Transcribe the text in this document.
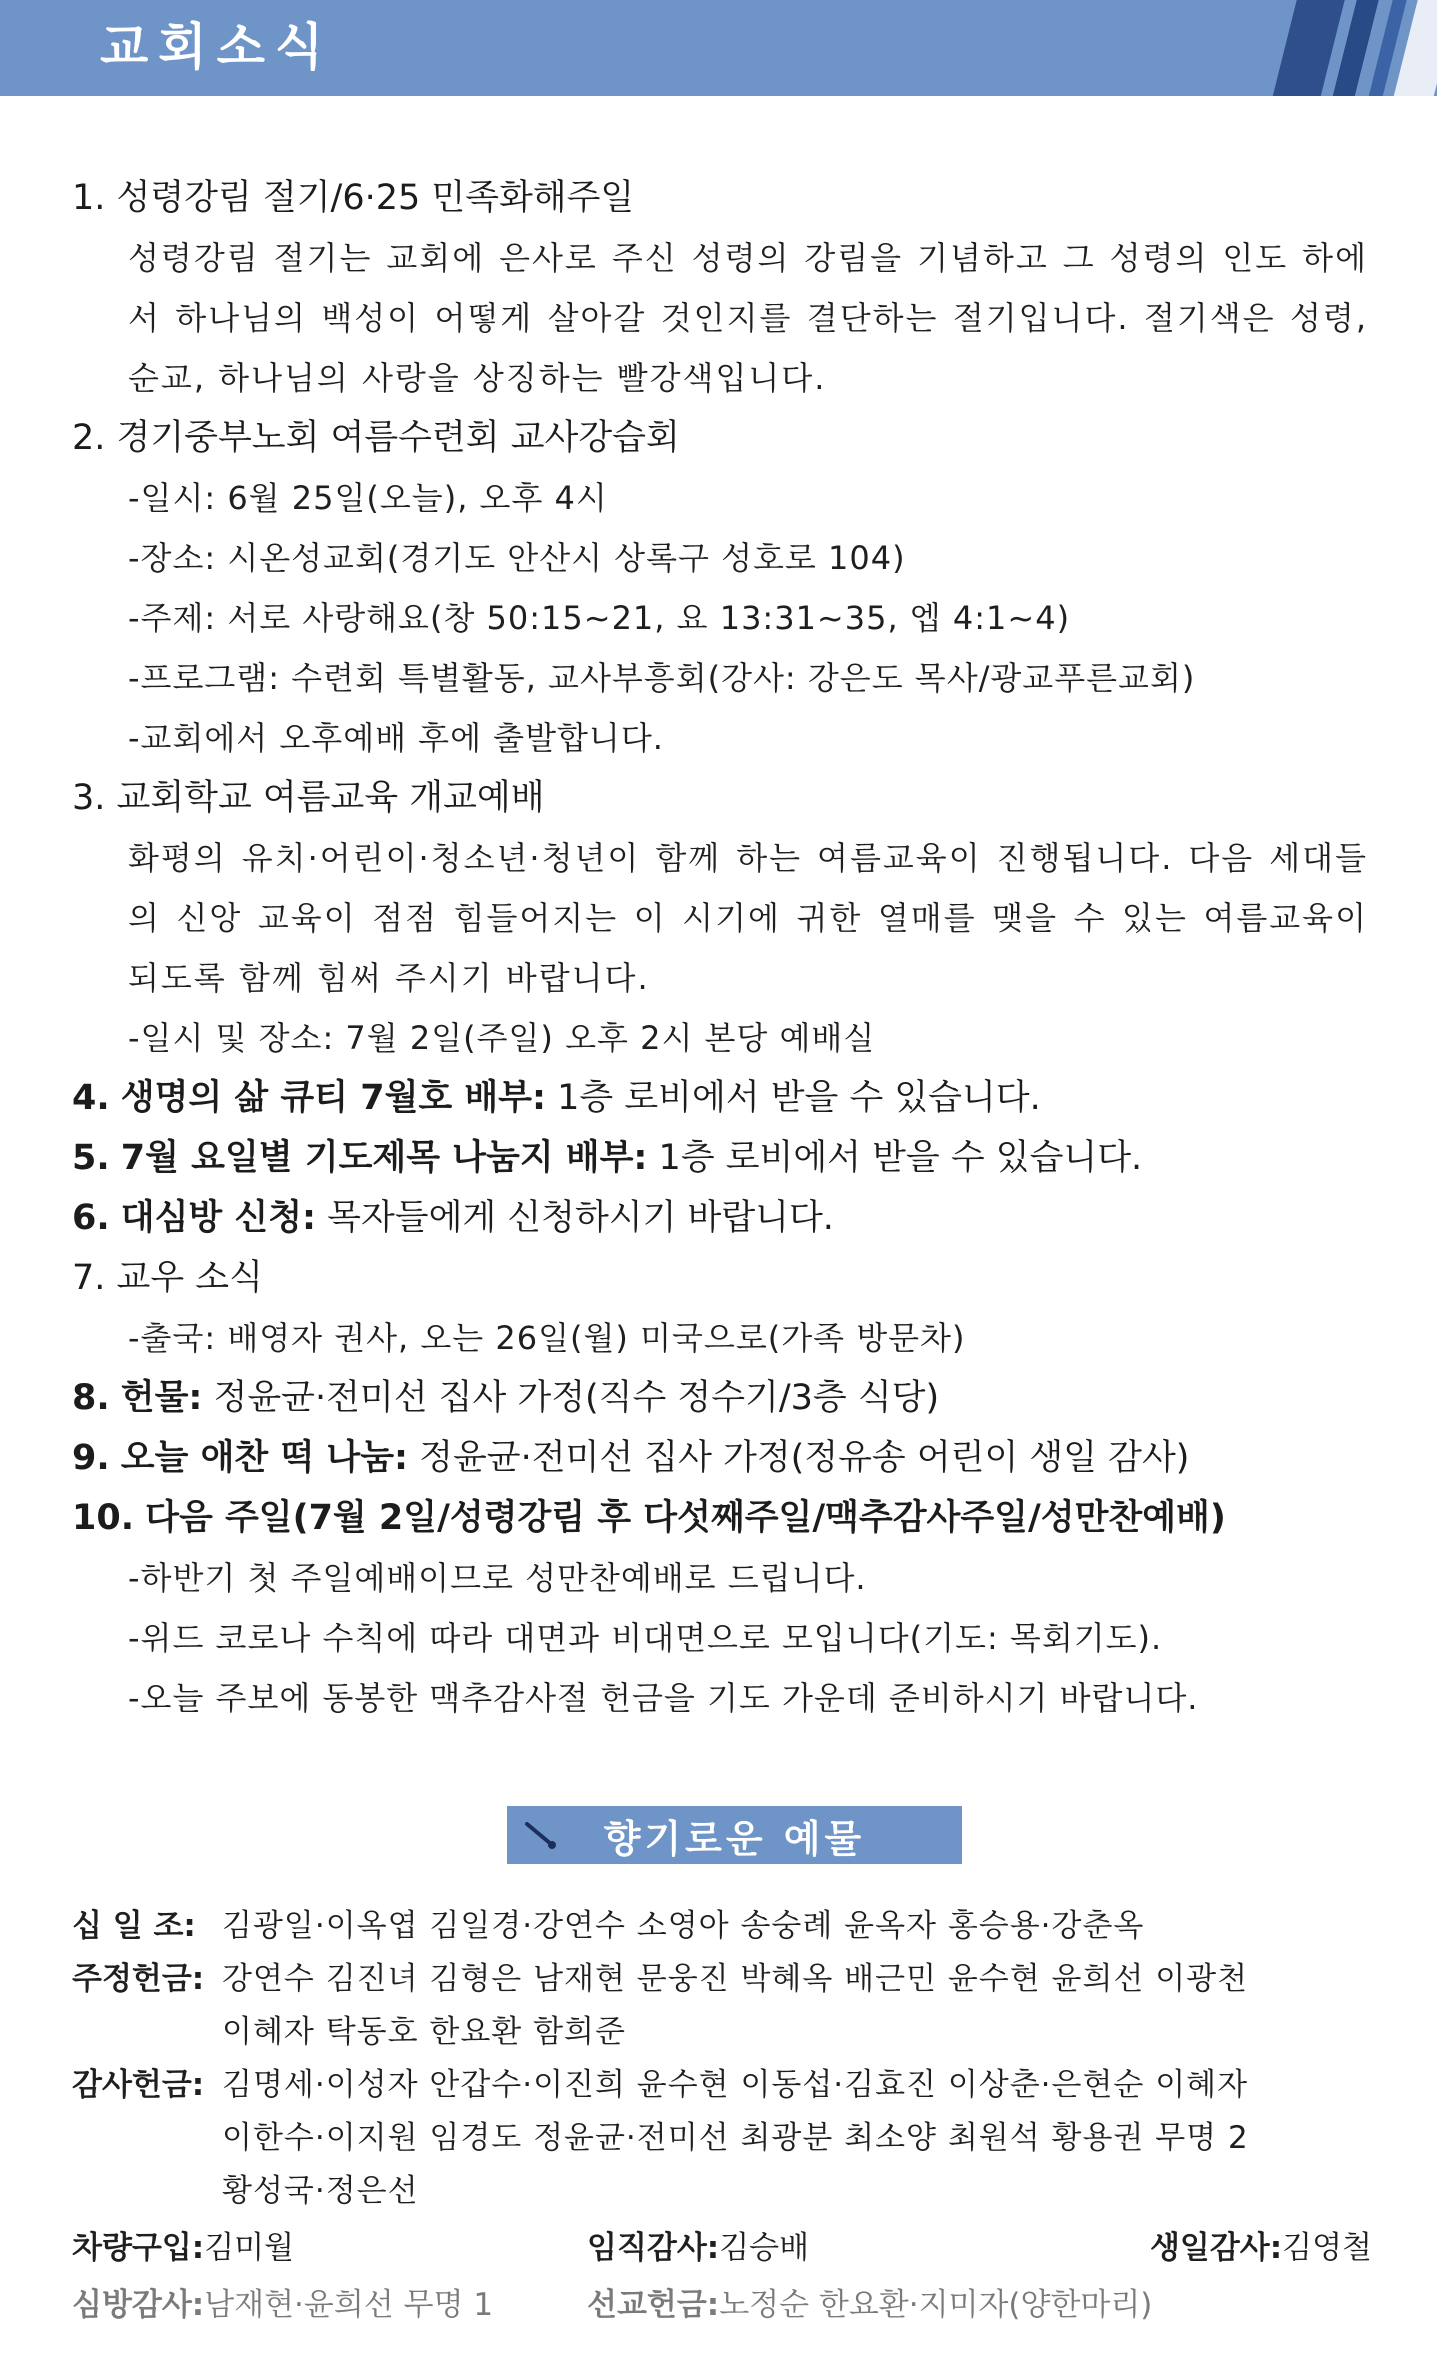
교회소식
1. 성령강림 절기/6·25 민족화해주일
성령강림 절기는 교회에 은사로 주신 성령의 강림을 기념하고 그 성령의 인도 하에서 하나님의 백성이 어떻게 살아갈 것인지를 결단하는 절기입니다. 절기색은 성령, 순교, 하나님의 사랑을 상징하는 빨강색입니다.
2. 경기중부노회 여름수련회 교사강습회
-일시: 6월 25일(오늘), 오후 4시
-장소: 시온성교회(경기도 안산시 상록구 성호로 104)
-주제: 서로 사랑해요(창 50:15~21, 요 13:31~35, 엡 4:1~4)
-프로그램: 수련회 특별활동, 교사부흥회(강사: 강은도 목사/광교푸른교회)
-교회에서 오후예배 후에 출발합니다.
3. 교회학교 여름교육 개교예배
화평의 유치·어린이·청소년·청년이 함께 하는 여름교육이 진행됩니다. 다음 세대들의 신앙 교육이 점점 힘들어지는 이 시기에 귀한 열매를 맺을 수 있는 여름교육이 되도록 함께 힘써 주시기 바랍니다.
-일시 및 장소: 7월 2일(주일) 오후 2시 본당 예배실
4. 생명의 삶 큐티 7월호 배부: 1층 로비에서 받을 수 있습니다.
5. 7월 요일별 기도제목 나눔지 배부: 1층 로비에서 받을 수 있습니다.
6. 대심방 신청: 목자들에게 신청하시기 바랍니다.
7. 교우 소식
-출국: 배영자 권사, 오는 26일(월) 미국으로(가족 방문차)
8. 헌물: 정윤균·전미선 집사 가정(직수 정수기/3층 식당)
9. 오늘 애찬 떡 나눔: 정윤균·전미선 집사 가정(정유송 어린이 생일 감사)
10. 다음 주일(7월 2일/성령강림 후 다섯째주일/맥추감사주일/성만찬예배)
-하반기 첫 주일예배이므로 성만찬예배로 드립니다.
-위드 코로나 수칙에 따라 대면과 비대면으로 모입니다(기도: 목회기도).
-오늘 주보에 동봉한 맥추감사절 헌금을 기도 가운데 준비하시기 바랍니다.
향기로운 예물
십 일 조: 김광일·이옥엽 김일경·강연수 소영아 송숭례 윤옥자 홍승용·강춘옥
주정헌금: 강연수 김진녀 김형은 남재현 문웅진 박혜옥 배근민 윤수현 윤희선 이광천
이혜자 탁동호 한요환 함희준
감사헌금: 김명세·이성자 안갑수·이진희 윤수현 이동섭·김효진 이상춘·은현순 이혜자
이한수·이지원 임경도 정윤균·전미선 최광분 최소양 최원석 황용권 무명 2
황성국·정은선
차량구입: 김미월	임직감사: 김승배	생일감사: 김영철
심방감사: 남재현·윤희선 무명 1	선교헌금: 노정순 한요환·지미자(양한마리)
